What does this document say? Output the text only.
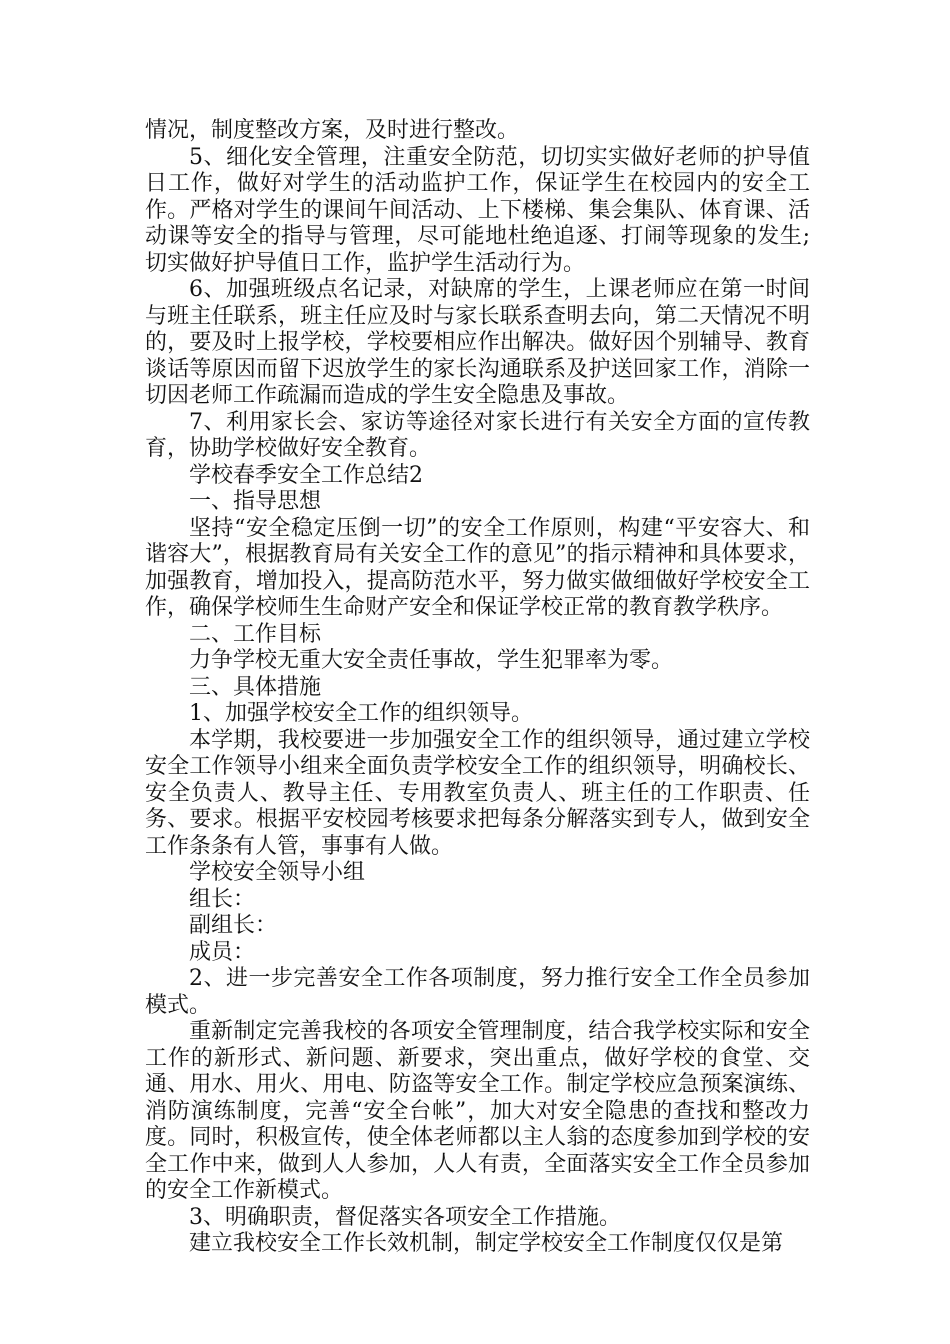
情况，制度整改方案，及时进行整改。

5、细化安全管理，注重安全防范，切切实实做好老师的护导值日工作，做好对学生的活动监护工作，保证学生在校园内的安全工作。严格对学生的课间午间活动、上下楼梯、集会集队、体育课、活动课等安全的指导与管理，尽可能地杜绝追逐、打闹等现象的发生;切实做好护导值日工作，监护学生活动行为。

6、加强班级点名记录，对缺席的学生，上课老师应在第一时间与班主任联系，班主任应及时与家长联系查明去向，第二天情况不明的，要及时上报学校，学校要相应作出解决。做好因个别辅导、教育谈话等原因而留下迟放学生的家长沟通联系及护送回家工作，消除一切因老师工作疏漏而造成的学生安全隐患及事故。

7、利用家长会、家访等途径对家长进行有关安全方面的宣传教育，协助学校做好安全教育。

学校春季安全工作总结2

一、指导思想

坚持“安全稳定压倒一切”的安全工作原则，构建“平安容大、和谐容大”，根据教育局有关安全工作的意见”的指示精神和具体要求，加强教育，增加投入，提高防范水平，努力做实做细做好学校安全工作，确保学校师生生命财产安全和保证学校正常的教育教学秩序。

二、工作目标

力争学校无重大安全责任事故，学生犯罪率为零。

三、具体措施

1、加强学校安全工作的组织领导。

本学期，我校要进一步加强安全工作的组织领导，通过建立学校安全工作领导小组来全面负责学校安全工作的组织领导，明确校长、安全负责人、教导主任、专用教室负责人、班主任的工作职责、任务、要求。根据平安校园考核要求把每条分解落实到专人，做到安全工作条条有人管，事事有人做。

学校安全领导小组

组长：

副组长：

成员：

2、进一步完善安全工作各项制度，努力推行安全工作全员参加模式。

重新制定完善我校的各项安全管理制度，结合我学校实际和安全工作的新形式、新问题、新要求，突出重点，做好学校的食堂、交通、用水、用火、用电、防盗等安全工作。制定学校应急预案演练、消防演练制度，完善“安全台帐”，加大对安全隐患的查找和整改力度。同时，积极宣传，使全体老师都以主人翁的态度参加到学校的安全工作中来，做到人人参加，人人有责，全面落实安全工作全员参加的安全工作新模式。

3、明确职责，督促落实各项安全工作措施。

建立我校安全工作长效机制，制定学校安全工作制度仅仅是第
